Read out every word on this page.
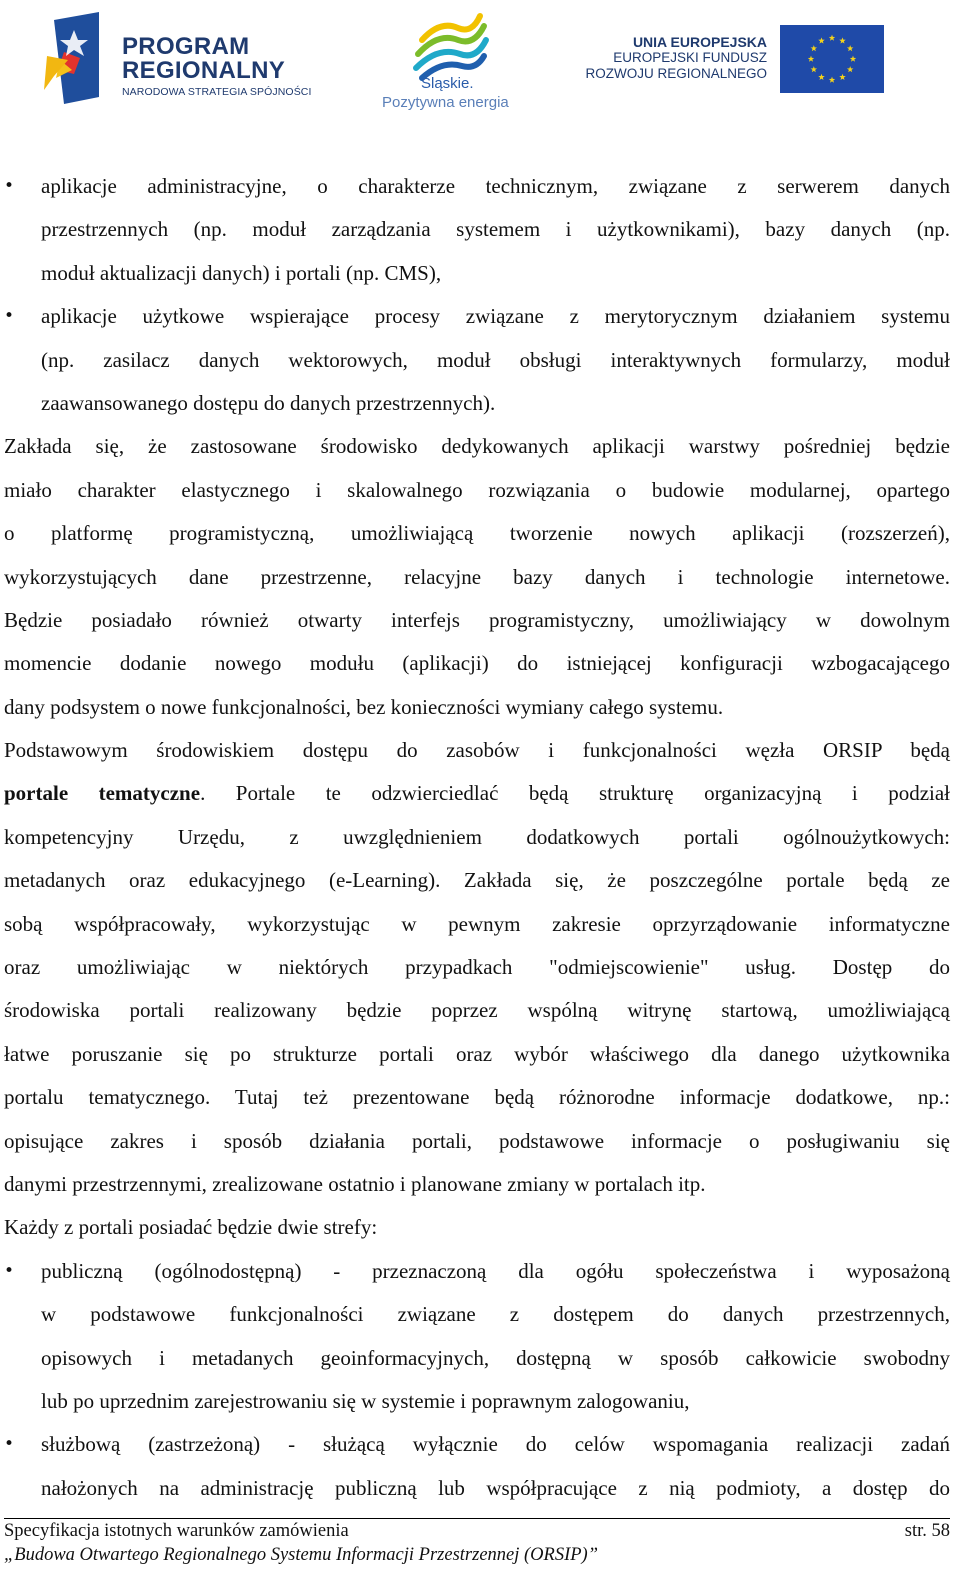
PROGRAM
REGIONALNY
NARODOWA STRATEGIA SPÓJNOŚCI	Śląskie.
Pozytywna energia
UNIA EUROPEJSKA
EUROPEJSKI FUNDUSZ
ROZWOJU REGIONALNEGO
• aplikacje administracyjne, o charakterze technicznym, związane z serwerem danych
przestrzennych (np. moduł zarządzania systemem i użytkownikami), bazy danych (np.
moduł aktualizacji danych) i portali (np. CMS),
• aplikacje użytkowe wspierające procesy związane z merytorycznym działaniem systemu
(np. zasilacz danych wektorowych, moduł obsługi interaktywnych formularzy, moduł
zaawansowanego dostępu do danych przestrzennych).
Zakłada się, że zastosowane środowisko dedykowanych aplikacji warstwy pośredniej będzie
miało charakter elastycznego i skalowalnego rozwiązania o budowie modularnej, opartego
o platformę programistyczną, umożliwiającą tworzenie nowych aplikacji (rozszerzeń),
wykorzystujących dane przestrzenne, relacyjne bazy danych i technologie internetowe.
Będzie posiadało również otwarty interfejs programistyczny, umożliwiający w dowolnym
momencie dodanie nowego modułu (aplikacji) do istniejącej konfiguracji wzbogacającego
dany podsystem o nowe funkcjonalności, bez konieczności wymiany całego systemu.
Podstawowym środowiskiem dostępu do zasobów i funkcjonalności węzła ORSIP będą
portale tematyczne. Portale te odzwierciedlać będą strukturę organizacyjną i podział
kompetencyjny Urzędu, z uwzględnieniem dodatkowych portali ogólnoużytkowych:
metadanych oraz edukacyjnego (e-Learning). Zakłada się, że poszczególne portale będą ze
sobą współpracowały, wykorzystując w pewnym zakresie oprzyrządowanie informatyczne
oraz umożliwiając w niektórych przypadkach "odmiejscowienie" usług. Dostęp do
środowiska portali realizowany będzie poprzez wspólną witrynę startową, umożliwiającą
łatwe poruszanie się po strukturze portali oraz wybór właściwego dla danego użytkownika
portalu tematycznego. Tutaj też prezentowane będą różnorodne informacje dodatkowe, np.:
opisujące zakres i sposób działania portali, podstawowe informacje o posługiwaniu się
danymi przestrzennymi, zrealizowane ostatnio i planowane zmiany w portalach itp.
Każdy z portali posiadać będzie dwie strefy:
• publiczną (ogólnodostępną) - przeznaczoną dla ogółu społeczeństwa i wyposażoną
w podstawowe funkcjonalności związane z dostępem do danych przestrzennych,
opisowych i metadanych geoinformacyjnych, dostępną w sposób całkowicie swobodny
lub po uprzednim zarejestrowaniu się w systemie i poprawnym zalogowaniu,
• służbową (zastrzeżoną) - służącą wyłącznie do celów wspomagania realizacji zadań
nałożonych na administrację publiczną lub współpracujące z nią podmioty, a dostęp do
Specyfikacja istotnych warunków zamówienia	str. 58
„Budowa Otwartego Regionalnego Systemu Informacji Przestrzennej (ORSIP)”
